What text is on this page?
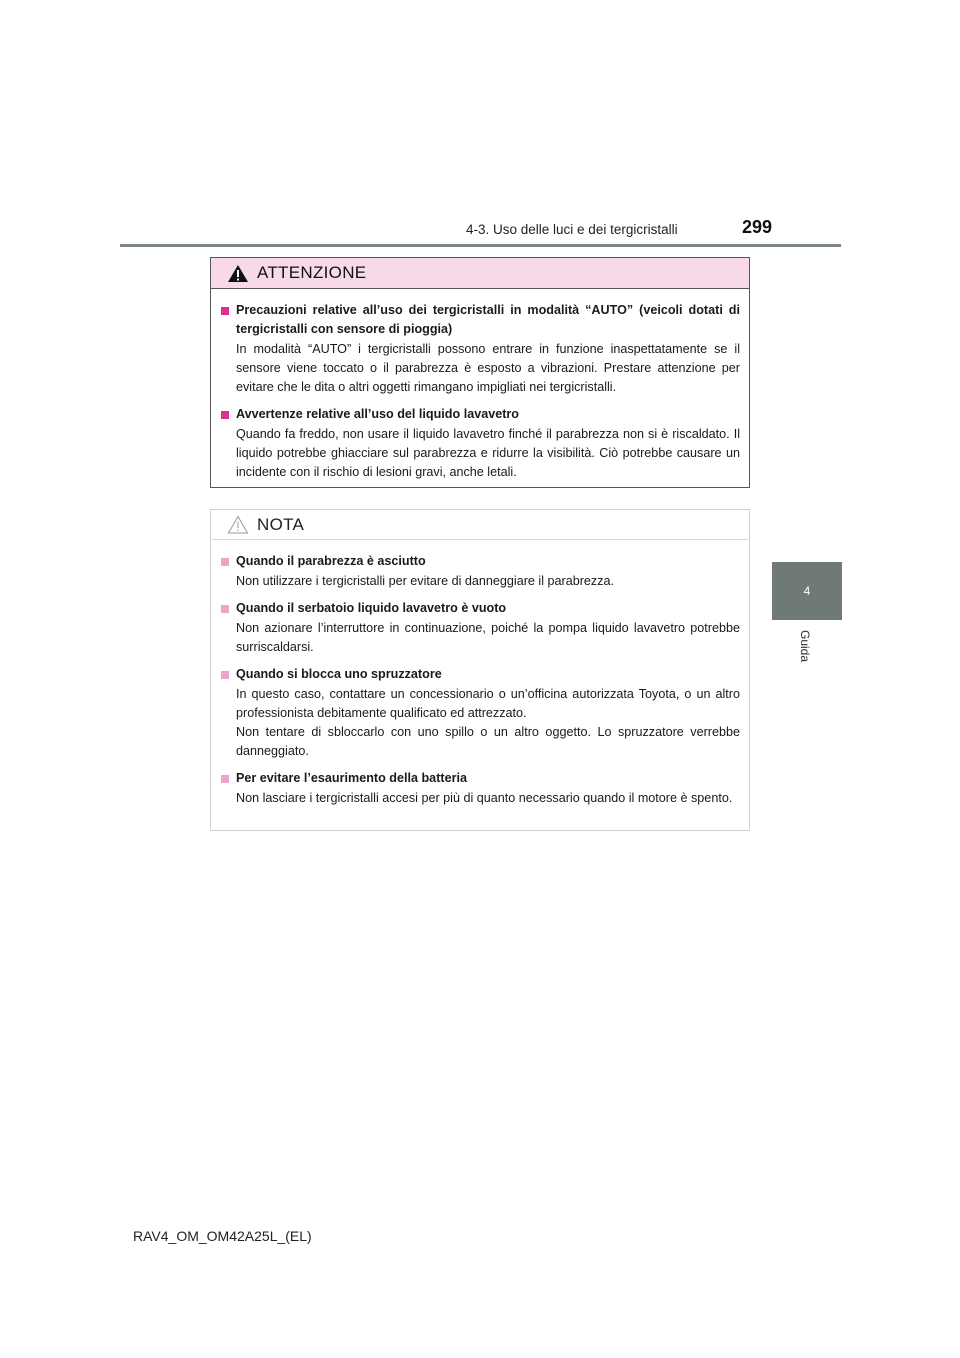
4-3. Uso delle luci e dei tergicristalli	299
4
Guida
ATTENZIONE
Precauzioni relative all’uso dei tergicristalli in modalità “AUTO” (veicoli dotati di tergicristalli con sensore di pioggia)
In modalità “AUTO” i tergicristalli possono entrare in funzione inaspettatamente se il sensore viene toccato o il parabrezza è esposto a vibrazioni. Prestare attenzione per evitare che le dita o altri oggetti rimangano impigliati nei tergicristalli.
Avvertenze relative all’uso del liquido lavavetro
Quando fa freddo, non usare il liquido lavavetro finché il parabrezza non si è riscaldato. Il liquido potrebbe ghiacciare sul parabrezza e ridurre la visibilità. Ciò potrebbe causare un incidente con il rischio di lesioni gravi, anche letali.
NOTA
Quando il parabrezza è asciutto
Non utilizzare i tergicristalli per evitare di danneggiare il parabrezza.
Quando il serbatoio liquido lavavetro è vuoto
Non azionare l’interruttore in continuazione, poiché la pompa liquido lavavetro potrebbe surriscaldarsi.
Quando si blocca uno spruzzatore
In questo caso, contattare un concessionario o un’officina autorizzata Toyota, o un altro professionista debitamente qualificato ed attrezzato.
Non tentare di sbloccarlo con uno spillo o un altro oggetto. Lo spruzzatore verrebbe danneggiato.
Per evitare l’esaurimento della batteria
Non lasciare i tergicristalli accesi per più di quanto necessario quando il motore è spento.
RAV4_OM_OM42A25L_(EL)
